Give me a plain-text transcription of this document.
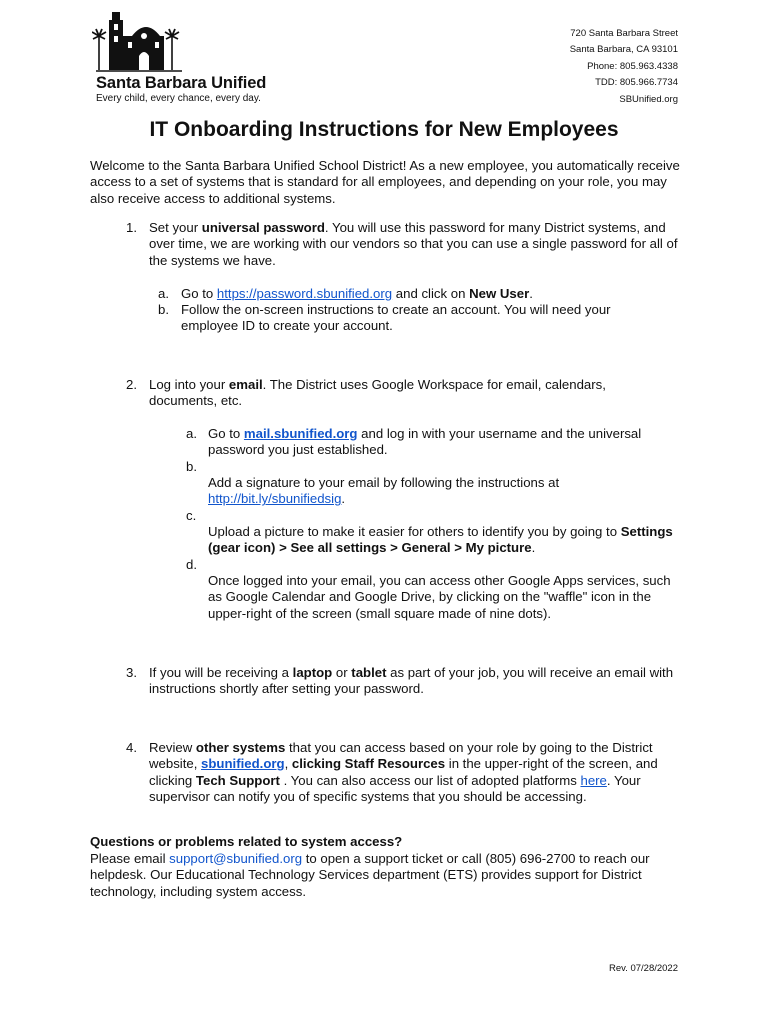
Santa Barbara Unified
Every child, every chance, every day.
720 Santa Barbara Street
Santa Barbara, CA 93101
Phone: 805.963.4338
TDD: 805.966.7734
SBUnified.org
IT Onboarding Instructions for New Employees

Welcome to the Santa Barbara Unified School District! As a new employee, you automatically receive access to a set of systems that is standard for all employees, and depending on your role, you may also receive access to additional systems.

1. Set your universal password. You will use this password for many District systems, and over time, we are working with our vendors so that you can use a single password for all of the systems we have.

a. Go to https://password.sbunified.org and click on New User.

b. Follow the on-screen instructions to create an account. You will need your employee ID to create your account.

2. Log into your email. The District uses Google Workspace for email, calendars, documents, etc.

a. Go to mail.sbunified.org and log in with your username and the universal password you just established.

b.

Add a signature to your email by following the instructions at http://bit.ly/sbunifiedsig.

c.

Upload a picture to make it easier for others to identify you by going to Settings (gear icon) > See all settings > General > My picture.

d.

Once logged into your email, you can access other Google Apps services, such as Google Calendar and Google Drive, by clicking on the "waffle" icon in the upper-right of the screen (small square made of nine dots).

3. If you will be receiving a laptop or tablet as part of your job, you will receive an email with instructions shortly after setting your password.

4. Review other systems that you can access based on your role by going to the District website, sbunified.org, clicking Staff Resources in the upper-right of the screen, and clicking Tech Support . You can also access our list of adopted platforms here. Your supervisor can notify you of specific systems that you should be accessing.

Questions or problems related to system access?

Please email support@sbunified.org to open a support ticket or call (805) 696-2700 to reach our helpdesk. Our Educational Technology Services department (ETS) provides support for District technology, including system access.

Rev. 07/28/2022
